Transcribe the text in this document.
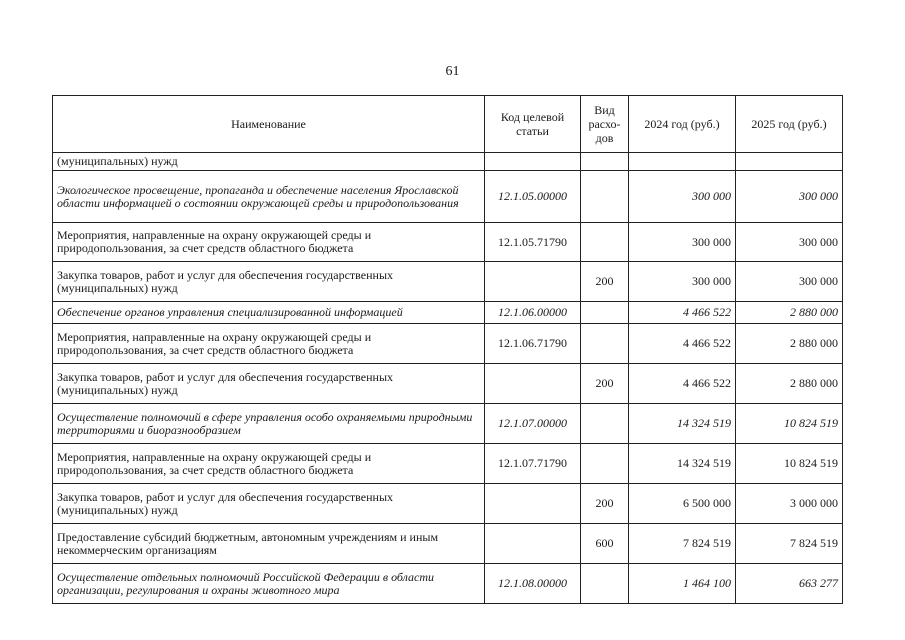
61
Наименование	Код целевой статьи	Вид расхо-дов	2024 год (руб.)	2025 год (руб.)
(муниципальных) нужд				
Экологическое просвещение, пропаганда и обеспечение населения Ярославской области информацией о состоянии окружающей среды и природопользования	12.1.05.00000		300 000	300 000
Мероприятия, направленные на охрану окружающей среды и природопользования, за счет средств областного бюджета	12.1.05.71790		300 000	300 000
Закупка товаров, работ и услуг для обеспечения государственных (муниципальных) нужд		200	300 000	300 000
Обеспечение органов управления специализированной информацией	12.1.06.00000		4 466 522	2 880 000
Мероприятия, направленные на охрану окружающей среды и природопользования, за счет средств областного бюджета	12.1.06.71790		4 466 522	2 880 000
Закупка товаров, работ и услуг для обеспечения государственных (муниципальных) нужд		200	4 466 522	2 880 000
Осуществление полномочий в сфере управления особо охраняемыми природными территориями и биоразнообразием	12.1.07.00000		14 324 519	10 824 519
Мероприятия, направленные на охрану окружающей среды и природопользования, за счет средств областного бюджета	12.1.07.71790		14 324 519	10 824 519
Закупка товаров, работ и услуг для обеспечения государственных (муниципальных) нужд		200	6 500 000	3 000 000
Предоставление субсидий бюджетным, автономным учреждениям и иным некоммерческим организациям		600	7 824 519	7 824 519
Осуществление отдельных полномочий Российской Федерации в области организации, регулирования и охраны животного мира	12.1.08.00000		1 464 100	663 277
